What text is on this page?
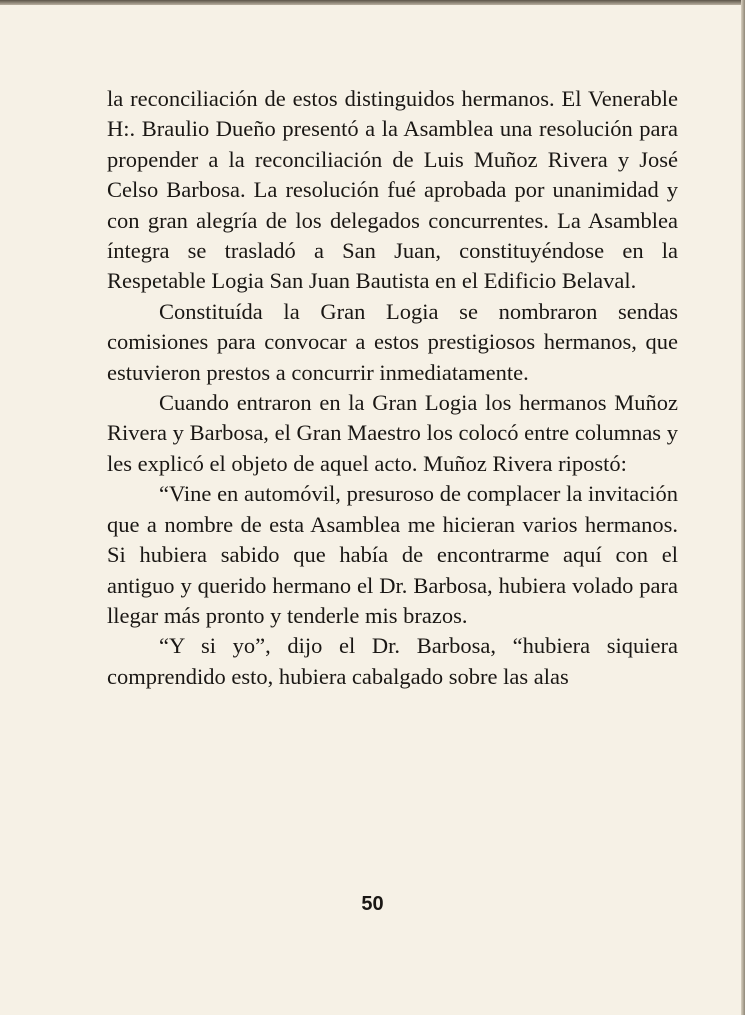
la reconciliación de estos distinguidos hermanos. El Venerable H:. Braulio Dueño presentó a la Asamblea una resolución para propender a la reconciliación de Luis Muñoz Rivera y José Celso Barbosa. La resolución fué aprobada por unanimidad y con gran alegría de los delegados concurrentes. La Asamblea íntegra se trasladó a San Juan, constituyéndose en la Respetable Logia San Juan Bautista en el Edificio Belaval.

Constituída la Gran Logia se nombraron sendas comisiones para convocar a estos prestigiosos hermanos, que estuvieron prestos a concurrir inmediatamente.

Cuando entraron en la Gran Logia los hermanos Muñoz Rivera y Barbosa, el Gran Maestro los colocó entre columnas y les explicó el objeto de aquel acto. Muñoz Rivera ripostó:

“Vine en automóvil, presuroso de complacer la invitación que a nombre de esta Asamblea me hicieran varios hermanos. Si hubiera sabido que había de encontrarme aquí con el antiguo y querido hermano el Dr. Barbosa, hubiera volado para llegar más pronto y tenderle mis brazos.

“Y si yo”, dijo el Dr. Barbosa, “hubiera siquiera comprendido esto, hubiera cabalgado sobre las alas

50
